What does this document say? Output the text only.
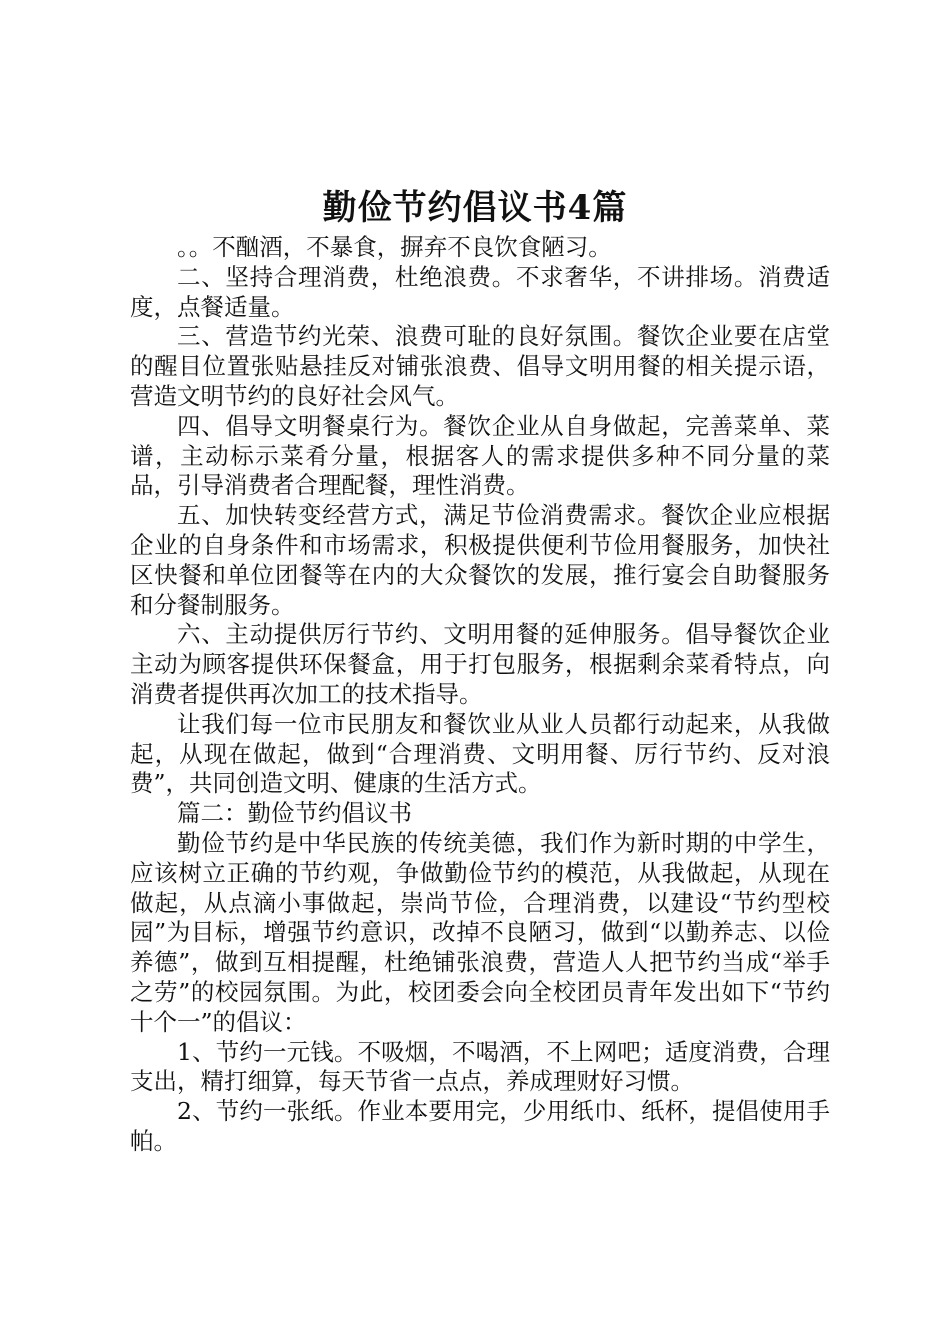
勤俭节约倡议书4篇

。。不酗酒，不暴食，摒弃不良饮食陋习。

二、坚持合理消费，杜绝浪费。不求奢华，不讲排场。消费适度，点餐适量。

三、营造节约光荣、浪费可耻的良好氛围。餐饮企业要在店堂的醒目位置张贴悬挂反对铺张浪费、倡导文明用餐的相关提示语，营造文明节约的良好社会风气。

四、倡导文明餐桌行为。餐饮企业从自身做起，完善菜单、菜谱，主动标示菜肴分量，根据客人的需求提供多种不同分量的菜品，引导消费者合理配餐，理性消费。

五、加快转变经营方式，满足节俭消费需求。餐饮企业应根据企业的自身条件和市场需求，积极提供便利节俭用餐服务，加快社区快餐和单位团餐等在内的大众餐饮的发展，推行宴会自助餐服务和分餐制服务。

六、主动提供厉行节约、文明用餐的延伸服务。倡导餐饮企业主动为顾客提供环保餐盒，用于打包服务，根据剩余菜肴特点，向消费者提供再次加工的技术指导。

让我们每一位市民朋友和餐饮业从业人员都行动起来，从我做起，从现在做起，做到“合理消费、文明用餐、厉行节约、反对浪费”，共同创造文明、健康的生活方式。

篇二：勤俭节约倡议书

勤俭节约是中华民族的传统美德，我们作为新时期的中学生，应该树立正确的节约观，争做勤俭节约的模范，从我做起，从现在做起，从点滴小事做起，崇尚节俭，合理消费，以建设“节约型校园”为目标，增强节约意识，改掉不良陋习，做到“以勤养志、以俭养德”，做到互相提醒，杜绝铺张浪费，营造人人把节约当成“举手之劳”的校园氛围。为此，校团委会向全校团员青年发出如下“节约十个一”的倡议：

1、节约一元钱。不吸烟，不喝酒，不上网吧；适度消费，合理支出，精打细算，每天节省一点点，养成理财好习惯。

2、节约一张纸。作业本要用完，少用纸巾、纸杯，提倡使用手帕。
